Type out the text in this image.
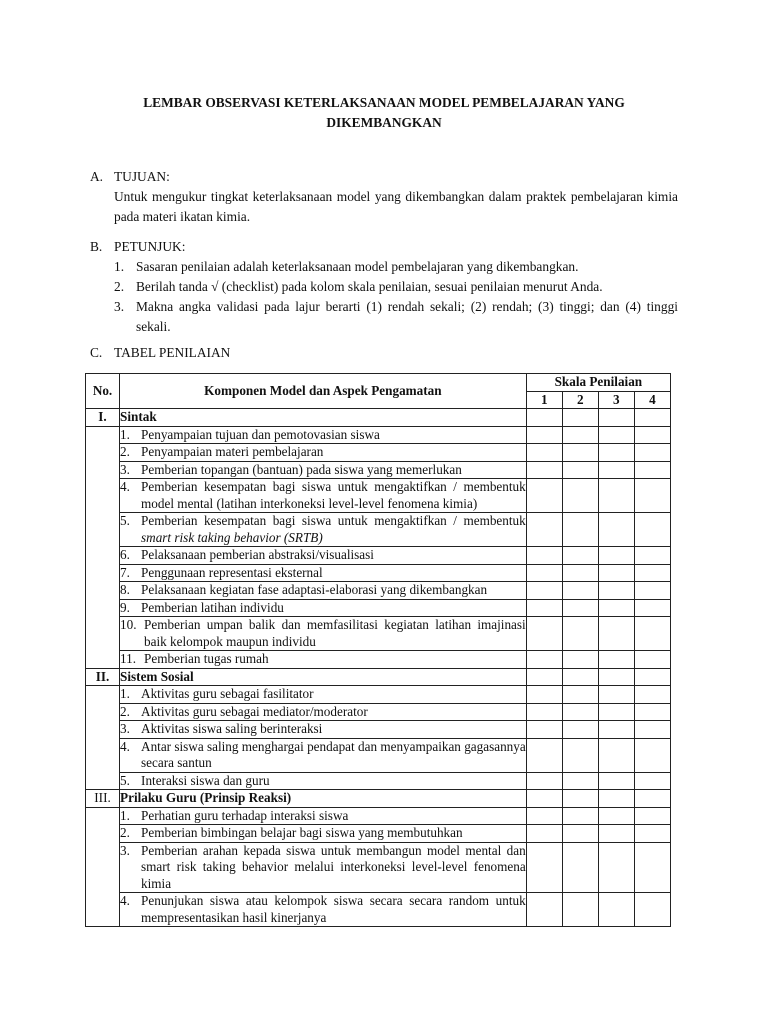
LEMBAR OBSERVASI KETERLAKSANAAN MODEL PEMBELAJARAN YANG
DIKEMBANGKAN
A. TUJUAN:
Untuk mengukur tingkat keterlaksanaan model yang dikembangkan dalam praktek pembelajaran kimia pada materi ikatan kimia.
B. PETUNJUK:
1. Sasaran penilaian adalah keterlaksanaan model pembelajaran yang dikembangkan.
2. Berilah tanda √ (checklist) pada kolom skala penilaian, sesuai penilaian menurut Anda.
3. Makna angka validasi pada lajur berarti (1) rendah sekali; (2) rendah; (3) tinggi; dan (4) tinggi sekali.
C. TABEL PENILAIAN
No.	Komponen Model dan Aspek Pengamatan	Skala Penilaian			
		1	2	3	4
I.	Sintak				

	1. Penyampaian tujuan dan pemotovasian siswa				

	2. Penyampaian materi pembelajaran				

	3. Pemberian topangan (bantuan) pada siswa yang memerlukan				

	4. Pemberian kesempatan bagi siswa untuk mengaktifkan / membentuk model mental (latihan interkoneksi level-level fenomena kimia)				

	5. Pemberian kesempatan bagi siswa untuk mengaktifkan / membentuk smart risk taking behavior (SRTB)				

	6. Pelaksanaan pemberian abstraksi/visualisasi				

	7. Penggunaan representasi eksternal				

	8. Pelaksanaan kegiatan fase adaptasi-elaborasi yang dikembangkan				

	9. Pemberian latihan individu				

	10. Pemberian umpan balik dan memfasilitasi kegiatan latihan imajinasi baik kelompok maupun individu				

	11. Pemberian tugas rumah				

II.	Sistem Sosial				

	1. Aktivitas guru sebagai fasilitator				

	2. Aktivitas guru sebagai mediator/moderator				

	3. Aktivitas siswa saling berinteraksi				

	4. Antar siswa saling menghargai pendapat dan menyampaikan gagasannya secara santun				

	5. Interaksi siswa dan guru				

III.	Prilaku Guru (Prinsip Reaksi)				

	1. Perhatian guru terhadap interaksi siswa				

	2. Pemberian bimbingan belajar bagi siswa yang membutuhkan				

	3. Pemberian arahan kepada siswa untuk membangun model mental dan smart risk taking behavior melalui interkoneksi level-level fenomena kimia				

	4. Penunjukan siswa atau kelompok siswa secara secara random untuk mempresentasikan hasil kinerjanya				
